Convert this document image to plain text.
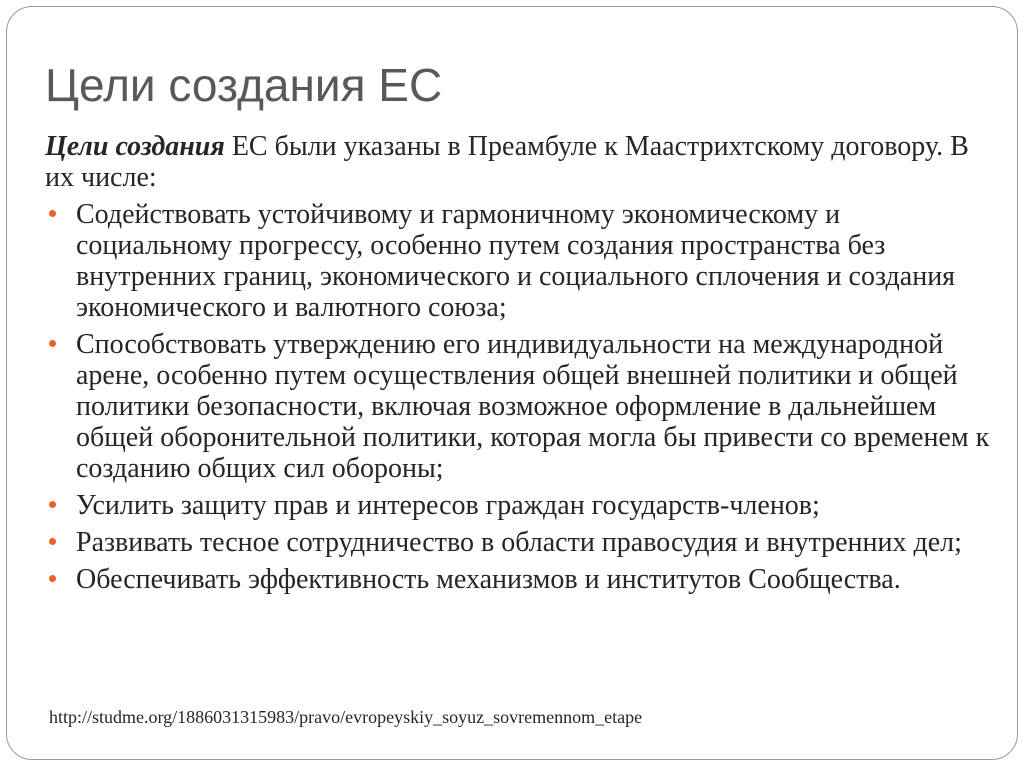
Цели создания ЕС

Цели создания ЕС были указаны в Преамбуле к Маастрихтскому договору. В их числе:

Содействовать устойчивому и гармоничному экономическому и социальному прогрессу, особенно путем создания пространства без внутренних границ, экономического и социального сплочения и создания экономического и валютного союза;
Способствовать утверждению его индивидуальности на международной арене, особенно путем осуществления общей внешней политики и общей политики безопасности, включая возможное оформление в дальнейшем общей оборонительной политики, которая могла бы привести со временем к созданию общих сил обороны;
Усилить защиту прав и интересов граждан государств-членов;
Развивать тесное сотрудничество в области правосудия и внутренних дел;
Обеспечивать эффективность механизмов и институтов Сообщества.
http://studme.org/1886031315983/pravo/evropeyskiy_soyuz_sovremennom_etape
